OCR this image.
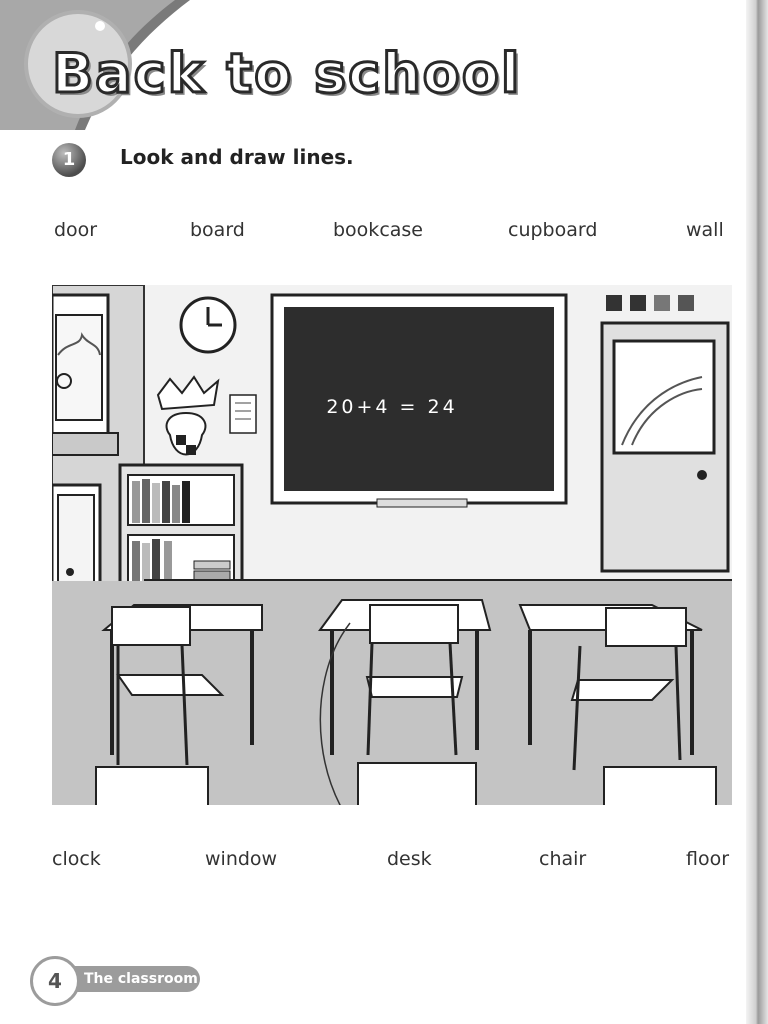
Back to school
1	Look and draw lines.
door	board	bookcase	cupboard	wall
20+4 = 24
clock	window	desk	chair	floor
The classroom
4
